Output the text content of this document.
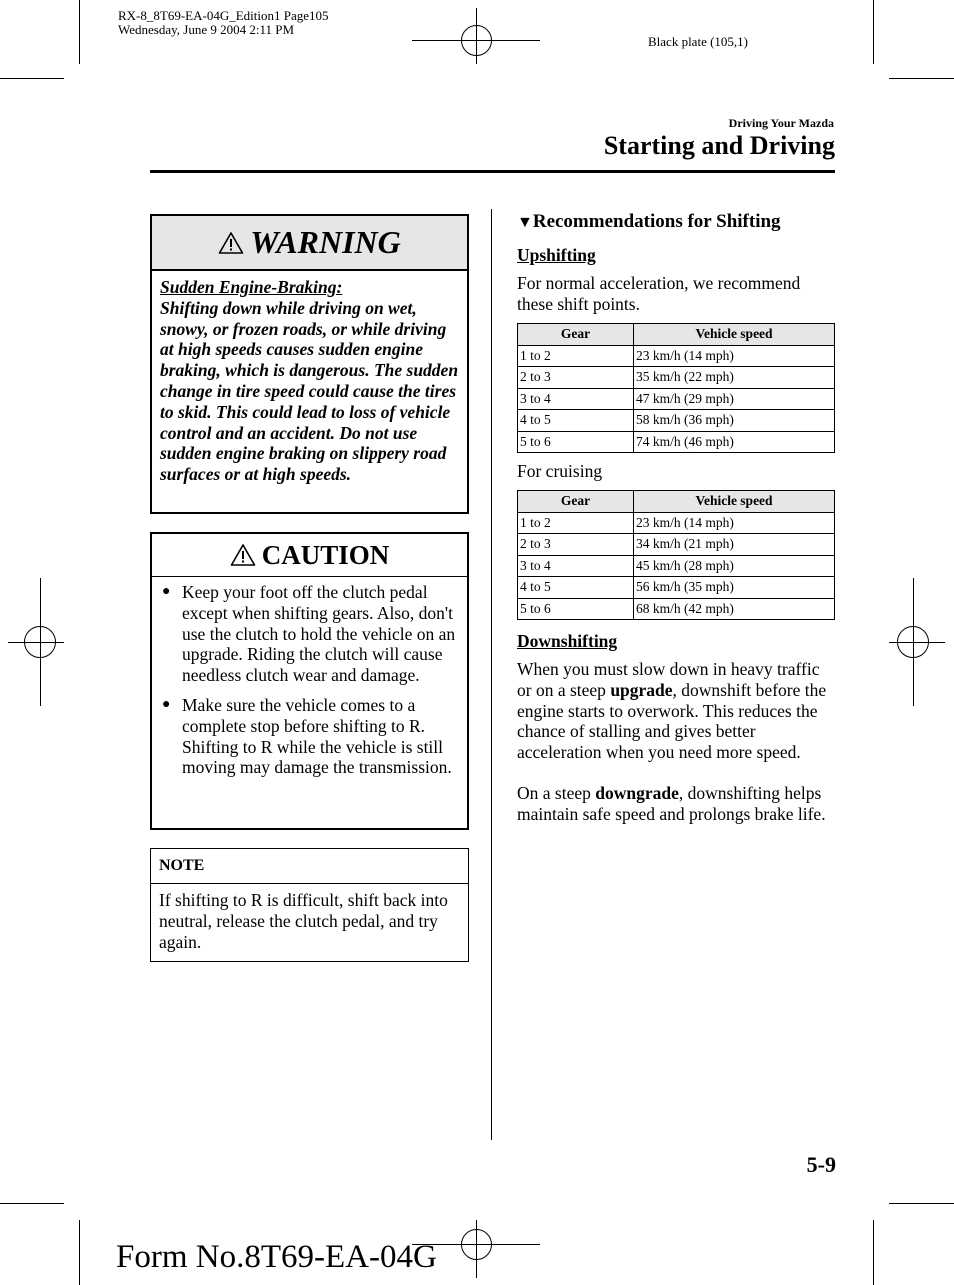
RX-8_8T69-EA-04G_Edition1 Page105
Wednesday, June 9 2004 2:11 PM
Black plate (105,1)
Driving Your Mazda
Starting and Driving
WARNING
Sudden Engine-Braking:
Shifting down while driving on wet, snowy, or frozen roads, or while driving at high speeds causes sudden engine braking, which is dangerous. The sudden change in tire speed could cause the tires to skid. This could lead to loss of vehicle control and an accident. Do not use sudden engine braking on slippery road surfaces or at high speeds.
CAUTION
● Keep your foot off the clutch pedal except when shifting gears. Also, don't use the clutch to hold the vehicle on an upgrade. Riding the clutch will cause needless clutch wear and damage.
● Make sure the vehicle comes to a complete stop before shifting to R. Shifting to R while the vehicle is still moving may damage the transmission.
NOTE
If shifting to R is difficult, shift back into neutral, release the clutch pedal, and try again.
▼Recommendations for Shifting
Upshifting
For normal acceleration, we recommend these shift points.
Gear	Vehicle speed
1 to 2	23 km/h (14 mph)
2 to 3	35 km/h (22 mph)
3 to 4	47 km/h (29 mph)
4 to 5	58 km/h (36 mph)
5 to 6	74 km/h (46 mph)
For cruising
Gear	Vehicle speed
1 to 2	23 km/h (14 mph)
2 to 3	34 km/h (21 mph)
3 to 4	45 km/h (28 mph)
4 to 5	56 km/h (35 mph)
5 to 6	68 km/h (42 mph)
Downshifting
When you must slow down in heavy traffic or on a steep upgrade, downshift before the engine starts to overwork. This reduces the chance of stalling and gives better acceleration when you need more speed.
On a steep downgrade, downshifting helps maintain safe speed and prolongs brake life.
5-9
Form No.8T69-EA-04G
